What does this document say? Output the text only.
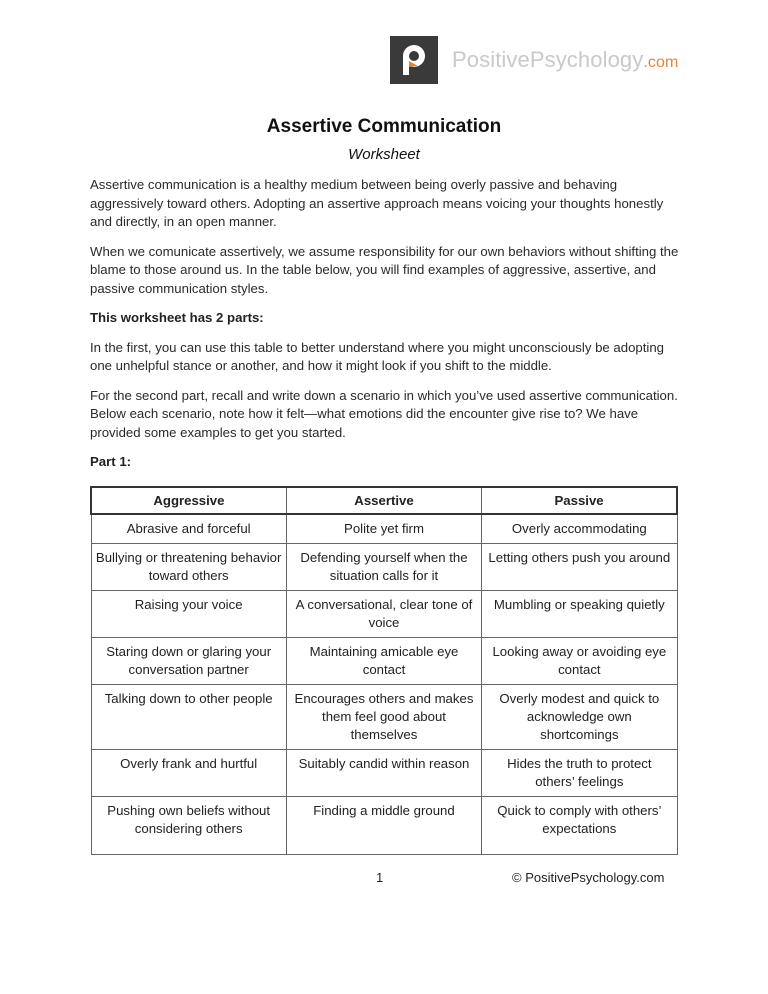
PositivePsychology.com
Assertive Communication
Worksheet

Assertive communication is a healthy medium between being overly passive and behaving aggressively toward others. Adopting an assertive approach means voicing your thoughts honestly and directly, in an open manner.

When we comunicate assertively, we assume responsibility for our own behaviors without shifting the blame to those around us. In the table below, you will find examples of aggressive, assertive, and passive communication styles.

This worksheet has 2 parts:

In the first, you can use this table to better understand where you might unconsciously be adopting one unhelpful stance or another, and how it might look if you shift to the middle.

For the second part, recall and write down a scenario in which you’ve used assertive communication. Below each scenario, note how it felt—what emotions did the encounter give rise to? We have provided some examples to get you started.

Part 1:

Aggressive	Assertive	Passive
Abrasive and forceful	Polite yet firm	Overly accommodating
Bullying or threatening behavior toward others	Defending yourself when the situation calls for it	Letting others push you around
Raising your voice	A conversational, clear tone of voice	Mumbling or speaking quietly
Staring down or glaring your conversation partner	Maintaining amicable eye contact	Looking away or avoiding eye contact
Talking down to other people	Encourages others and makes them feel good about themselves	Overly modest and quick to acknowledge own shortcomings
Overly frank and hurtful	Suitably candid within reason	Hides the truth to protect others’ feelings
Pushing own beliefs without considering others	Finding a middle ground	Quick to comply with others’ expectations
1	© PositivePsychology.com
